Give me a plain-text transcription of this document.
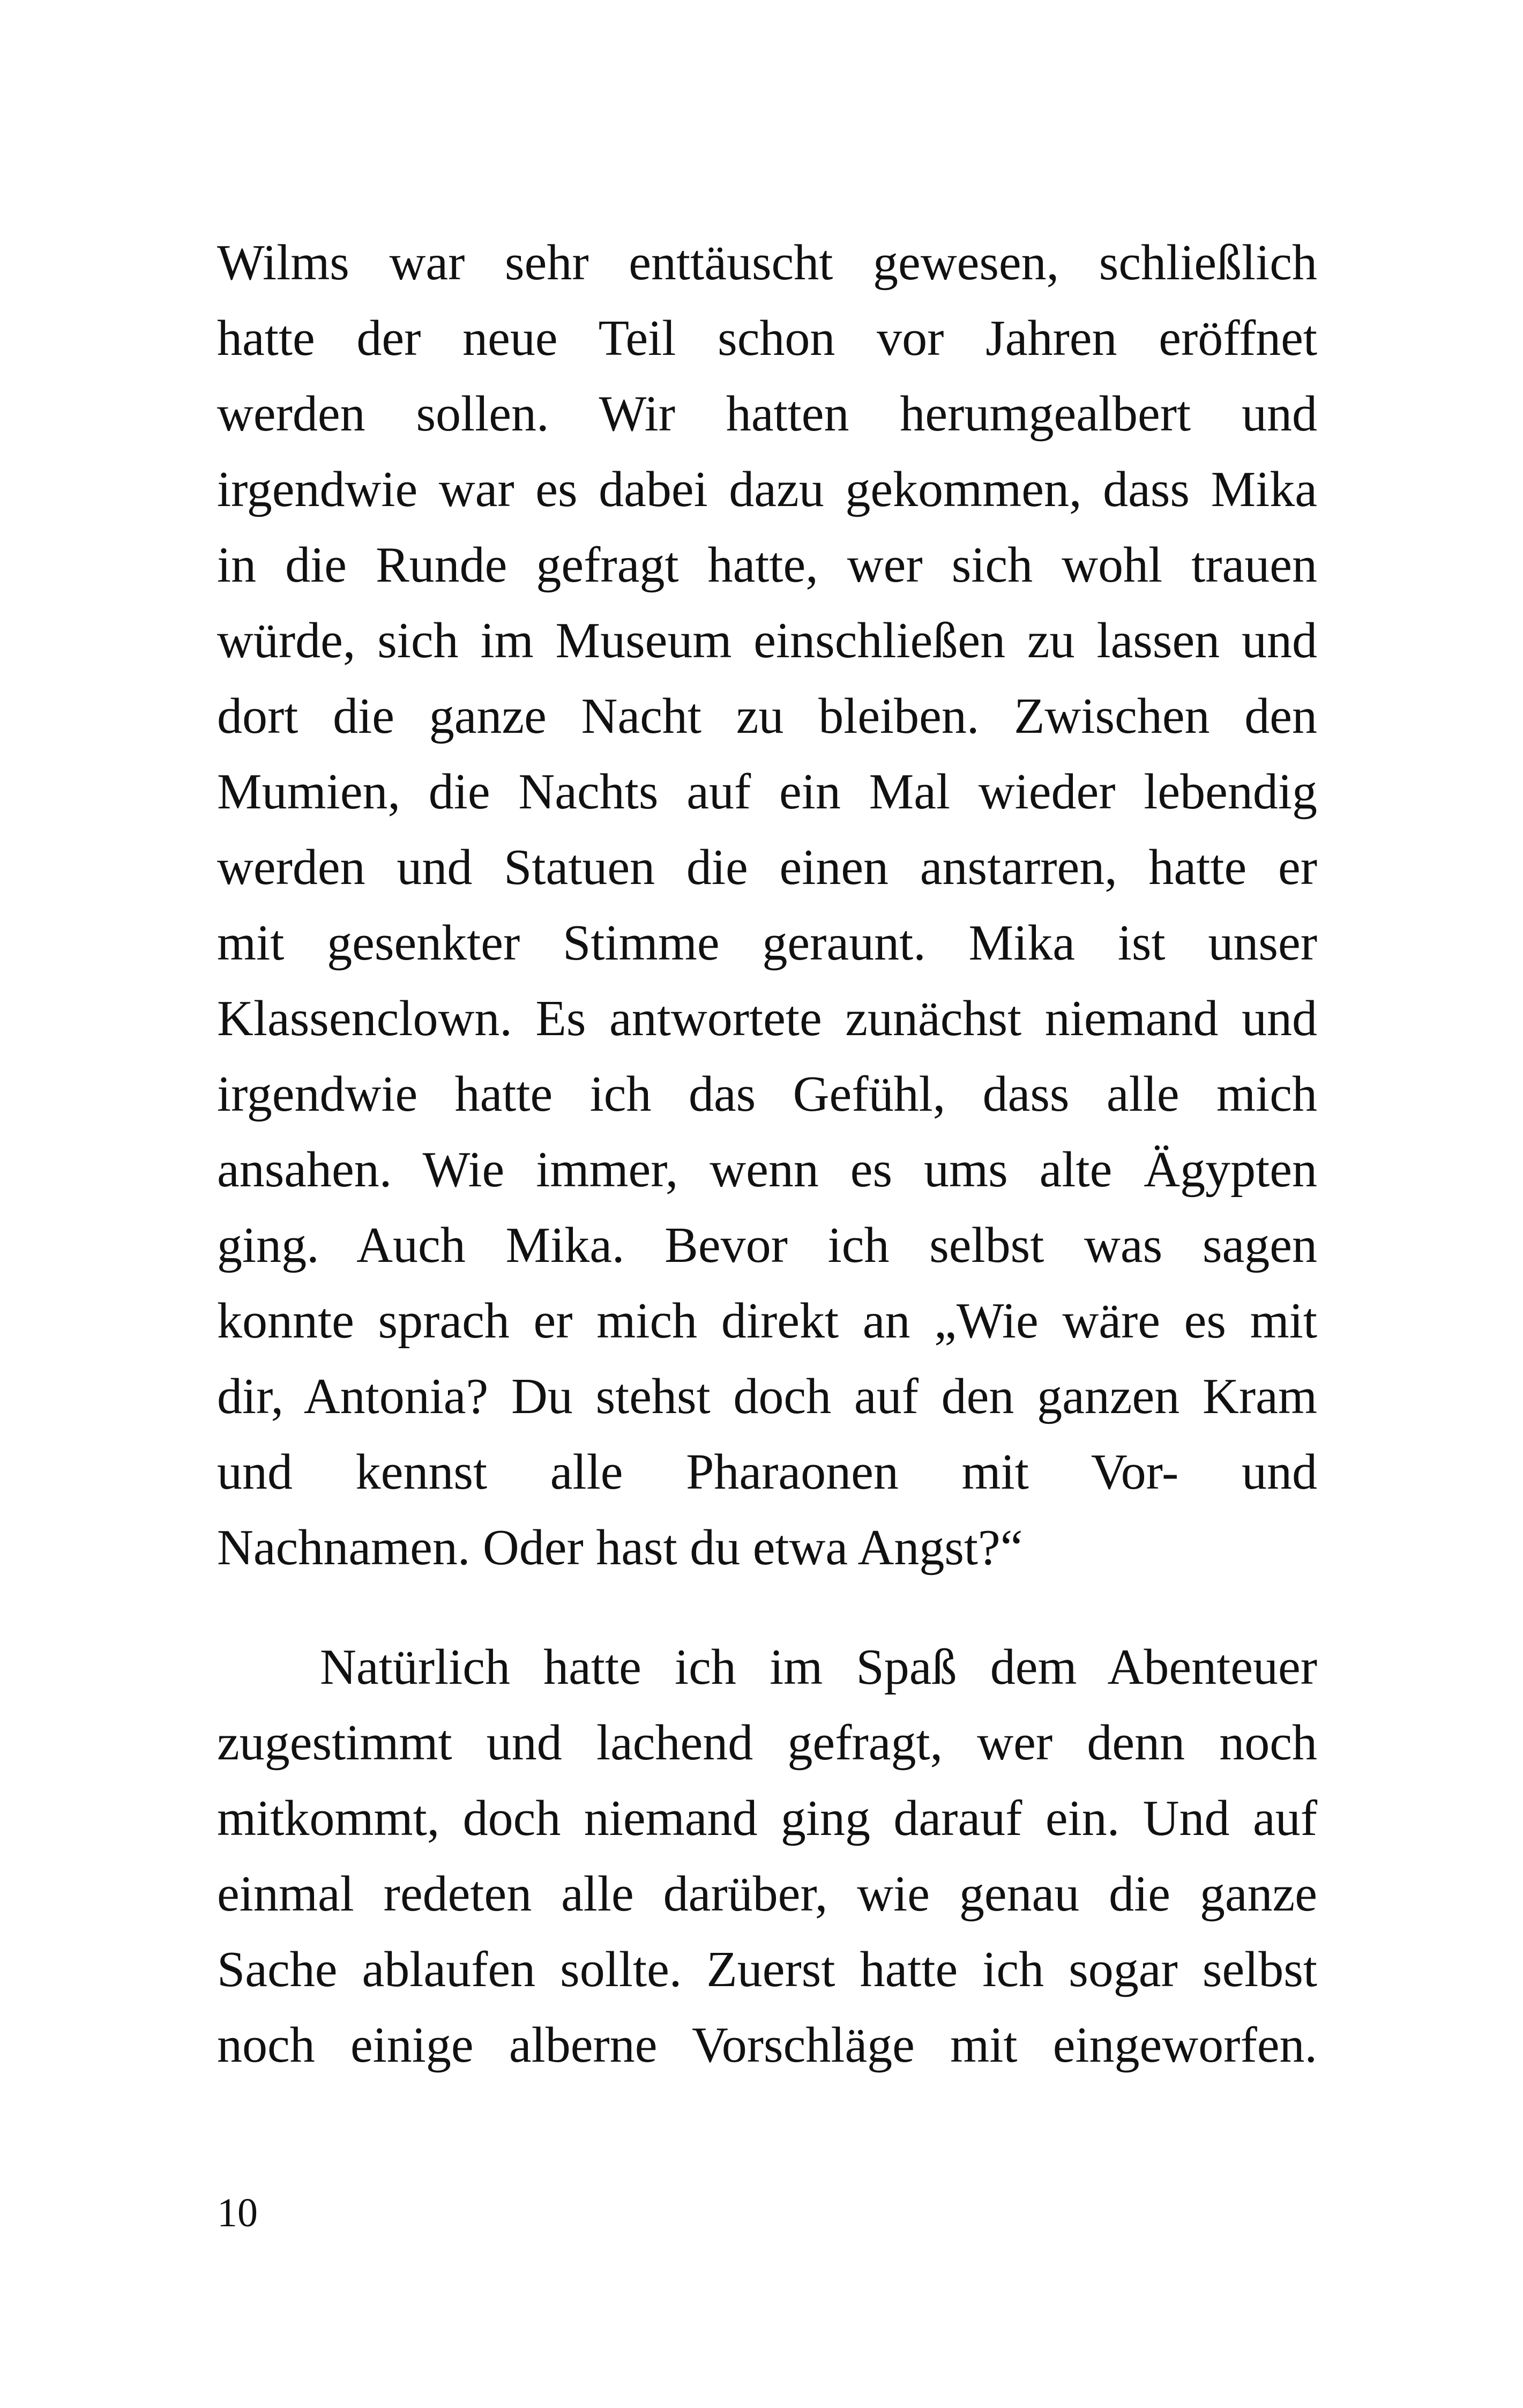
Wilms war sehr enttäuscht gewesen, schließlich
hatte der neue Teil schon vor Jahren eröffnet
werden sollen. Wir hatten herumgealbert und
irgendwie war es dabei dazu gekommen, dass Mika
in die Runde gefragt hatte, wer sich wohl trauen
würde, sich im Museum einschließen zu lassen und
dort die ganze Nacht zu bleiben. Zwischen den
Mumien, die Nachts auf ein Mal wieder lebendig
werden und Statuen die einen anstarren, hatte er
mit gesenkter Stimme geraunt. Mika ist unser
Klassenclown. Es antwortete zunächst niemand und
irgendwie hatte ich das Gefühl, dass alle mich
ansahen. Wie immer, wenn es ums alte Ägypten
ging. Auch Mika. Bevor ich selbst was sagen
konnte sprach er mich direkt an „Wie wäre es mit
dir, Antonia? Du stehst doch auf den ganzen Kram
und kennst alle Pharaonen mit Vor- und
Nachnamen. Oder hast du etwa Angst?“
Natürlich hatte ich im Spaß dem Abenteuer
zugestimmt und lachend gefragt, wer denn noch
mitkommt, doch niemand ging darauf ein. Und auf
einmal redeten alle darüber, wie genau die ganze
Sache ablaufen sollte. Zuerst hatte ich sogar selbst
noch einige alberne Vorschläge mit eingeworfen.
10
